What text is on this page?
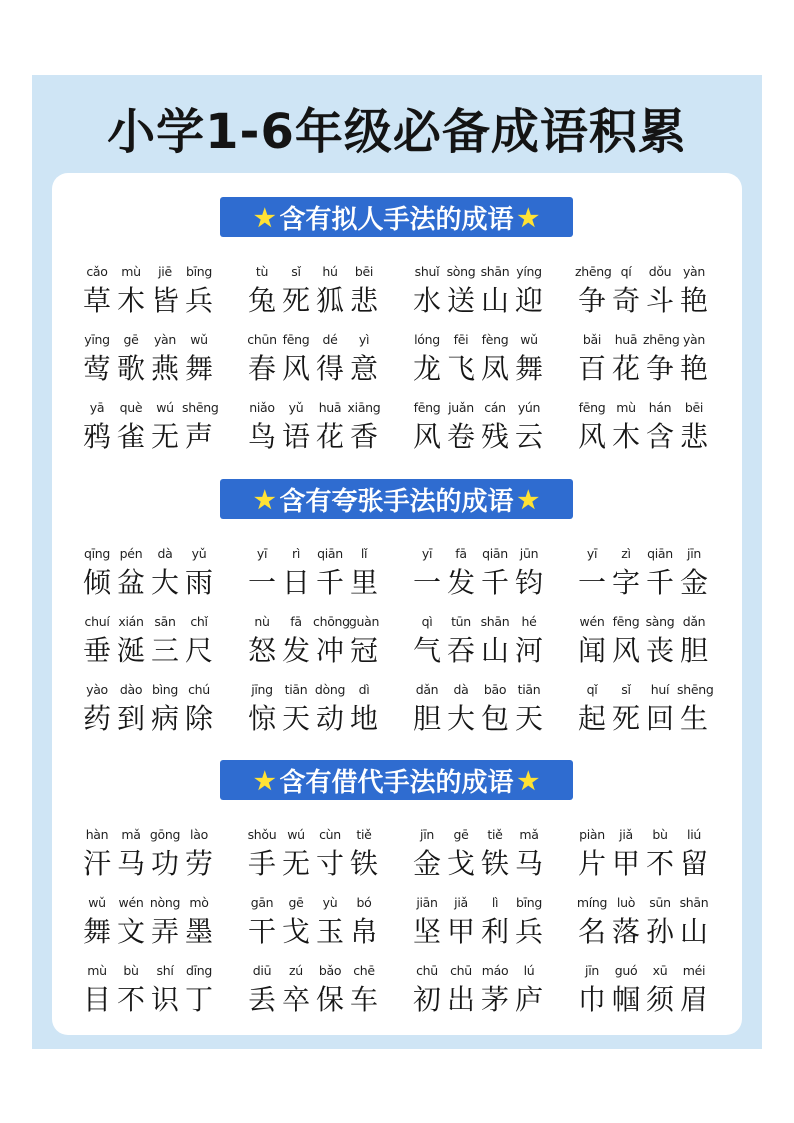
小学1-6年级必备成语积累
★ 含有拟人手法的成语 ★
cǎo	mù	jiē	bīng
草 木 皆 兵
tù	sǐ	hú	bēi
兔 死 狐 悲
shuǐ sòng shān yíng
水 送 山 迎
zhēng qí	dǒu yàn
争 奇 斗 艳
yīng	gē	yàn	wǔ
莺 歌 燕 舞
chūn fēng	dé	yì
春 风 得 意
lóng	fēi	fèng wǔ
龙 飞 凤 舞
bǎi	huā zhēng yàn
百 花 争 艳
yā	què	wú shēng
鸦 雀 无 声
niǎo	yǔ	huā xiāng
鸟 语 花 香
fēng juǎn cán yún
风 卷 残 云
fēng mù	hán	bēi
风 木 含 悲
★ 含有夸张手法的成语 ★
qīng pén	dà	yǔ
倾 盆 大 雨
yī	rì	qiān	lǐ
一 日 千 里
yī	fā	qiān jūn
一 发 千 钧
yī	zì	qiān	jīn
一 字 千 金
chuí xián sān	chǐ
垂 涎 三 尺
nù	fā chōng guàn
怒 发 冲 冠
qì	tūn shān hé
气 吞 山 河
wén fēng sàng dǎn
闻 风 丧 胆
yào dào bìng chú
药 到 病 除
jīng tiān dòng	dì
惊 天 动 地
dǎn	dà	bāo tiān
胆 大 包 天
qǐ	sǐ	huí shēng
起 死 回 生
★ 含有借代手法的成语 ★
hàn	mǎ gōng lào
汗 马 功 劳
shǒu wú	cùn	tiě
手 无 寸 铁
jīn	gē	tiě	mǎ
金 戈 铁 马
piàn	jiǎ	bù	liú
片 甲 不 留
wǔ	wén nòng mò
舞 文 弄 墨
gān	gē	yù	bó
干 戈 玉 帛
jiān	jiǎ	lì	bīng
坚 甲 利 兵
míng luò	sūn shān
名 落 孙 山
mù	bù	shí dīng
目 不 识 丁
diū	zú	bǎo chē
丢 卒 保 车
chū chū máo	lú
初 出 茅 庐
jīn	guó	xū	méi
巾 帼 须 眉
